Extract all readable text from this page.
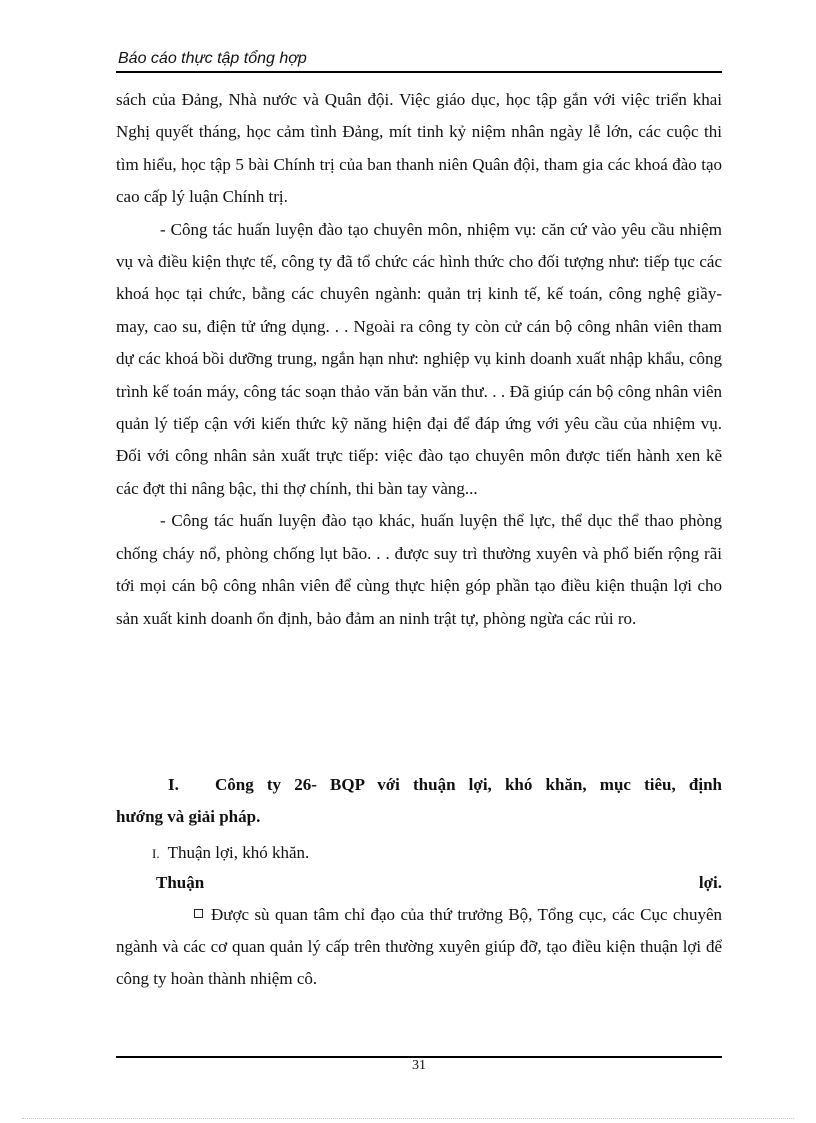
Báo cáo thực tập tổng hợp

sách của Đảng, Nhà nước và Quân đội. Việc giáo dục, học tập gắn với việc triển khai Nghị quyết tháng, học cảm tình Đảng, mít tinh kỷ niệm nhân ngày lễ lớn, các cuộc thi tìm hiểu, học tập 5 bài Chính trị của ban thanh niên Quân đội, tham gia các khoá đào tạo cao cấp lý luận Chính trị.

- Công tác huấn luyện đào tạo chuyên môn, nhiệm vụ: căn cứ vào yêu cầu nhiệm vụ và điều kiện thực tế, công ty đã tổ chức các hình thức cho đối tượng như: tiếp tục các khoá học tại chức, bằng các chuyên ngành: quản trị kinh tế, kế toán, công nghệ giầy-may, cao su, điện tử ứng dụng. . . Ngoài ra công ty còn cử cán bộ công nhân viên tham dự các khoá bồi dưỡng trung, ngắn hạn như: nghiệp vụ kinh doanh xuất nhập khẩu, công trình kế toán máy, công tác soạn thảo văn bản văn thư. . . Đã giúp cán bộ công nhân viên quản lý tiếp cận với kiến thức kỹ năng hiện đại để đáp ứng với yêu cầu của nhiệm vụ. Đối với công nhân sản xuất trực tiếp: việc đào tạo chuyên môn được tiến hành xen kẽ các đợt thi nâng bậc, thi thợ chính, thi bàn tay vàng...

- Công tác huấn luyện đào tạo khác, huấn luyện thể lực, thể dục thể thao phòng chống cháy nổ, phòng chống lụt bão. . . được suy trì thường xuyên và phổ biến rộng rãi tới mọi cán bộ công nhân viên để cùng thực hiện góp phần tạo điều kiện thuận lợi cho sản xuất kinh doanh ổn định, bảo đảm an ninh trật tự, phòng ngừa các rủi ro.

I.	Công ty 26- BQP với thuận lợi, khó khăn, mục tiêu, định
hướng và giải pháp.
I. Thuận lợi, khó khăn.
Thuận	lợi.

Được sù quan tâm chỉ đạo của thứ trưởng Bộ, Tổng cục, các Cục chuyên ngành và các cơ quan quản lý cấp trên thường xuyên giúp đỡ, tạo điều kiện thuận lợi để công ty hoàn thành nhiệm cô.

31
